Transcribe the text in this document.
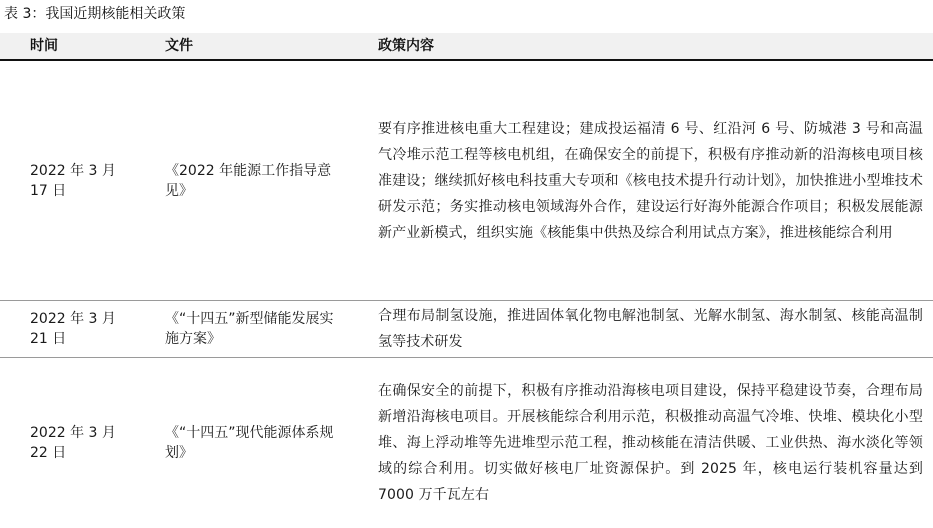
表 3：我国近期核能相关政策
时间	文件	政策内容
2022 年 3 月 17 日
《2022 年能源工作指导意见》
要有序推进核电重大工程建设；建成投运福清 6 号、红沿河 6 号、防城港 3 号和高温气冷堆示范工程等核电机组，在确保安全的前提下，积极有序推动新的沿海核电项目核准建设；继续抓好核电科技重大专项和《核电技术提升行动计划》，加快推进小型堆技术研发示范；务实推动核电领域海外合作，建设运行好海外能源合作项目；积极发展能源新产业新模式，组织实施《核能集中供热及综合利用试点方案》，推进核能综合利用
2022 年 3 月 21 日
《“十四五”新型储能发展实施方案》
合理布局制氢设施，推进固体氧化物电解池制氢、光解水制氢、海水制氢、核能高温制氢等技术研发
2022 年 3 月 22 日
《“十四五”现代能源体系规划》
在确保安全的前提下，积极有序推动沿海核电项目建设，保持平稳建设节奏，合理布局新增沿海核电项目。开展核能综合利用示范，积极推动高温气冷堆、快堆、模块化小型堆、海上浮动堆等先进堆型示范工程，推动核能在清洁供暖、工业供热、海水淡化等领域的综合利用。切实做好核电厂址资源保护。到 2025 年，核电运行装机容量达到 7000 万千瓦左右
